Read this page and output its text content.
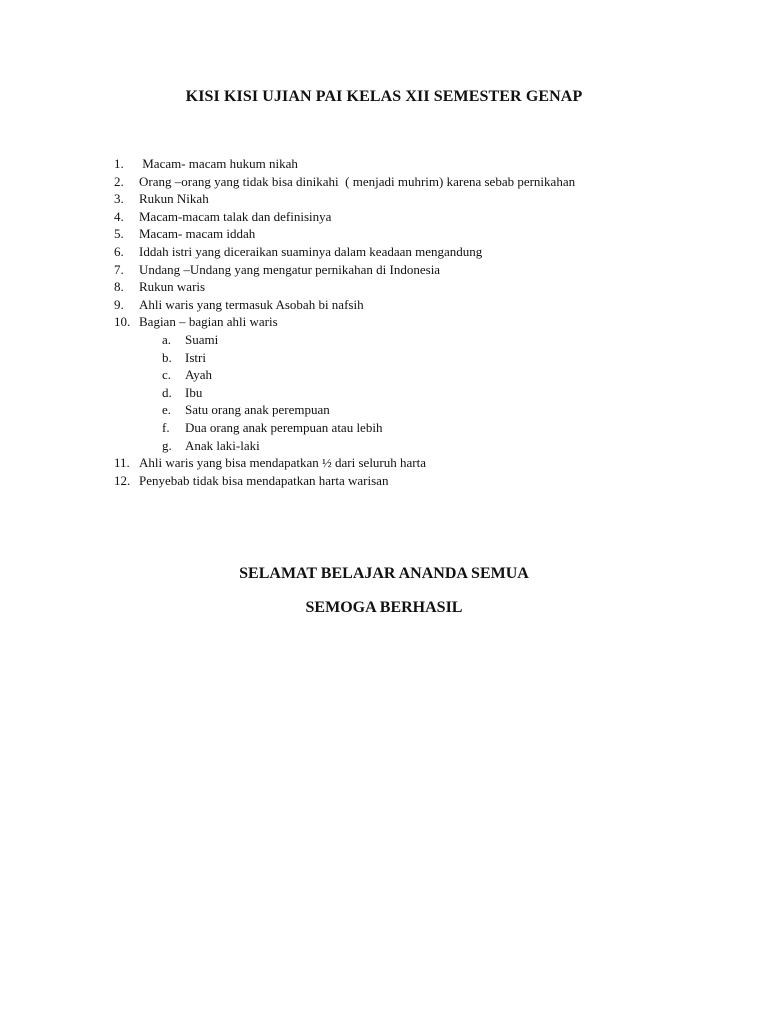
KISI KISI UJIAN PAI KELAS XII SEMESTER GENAP
1.	Macam- macam hukum nikah
2.	Orang –orang yang tidak bisa dinikahi  ( menjadi muhrim) karena sebab pernikahan
3.	Rukun Nikah
4.	Macam-macam talak dan definisinya
5.	Macam- macam iddah
6.	Iddah istri yang diceraikan suaminya dalam keadaan mengandung
7.	Undang –Undang yang mengatur pernikahan di Indonesia
8.	Rukun waris
9.	Ahli waris yang termasuk Asobah bi nafsih
10. Bagian – bagian ahli waris
a.	Suami
b.	Istri
c.	Ayah
d.	Ibu
e.	Satu orang anak perempuan
f.	Dua orang anak perempuan atau lebih
g.	Anak laki-laki
11. Ahli waris yang bisa mendapatkan ½ dari seluruh harta
12. Penyebab tidak bisa mendapatkan harta warisan
SELAMAT BELAJAR ANANDA SEMUA
SEMOGA BERHASIL
